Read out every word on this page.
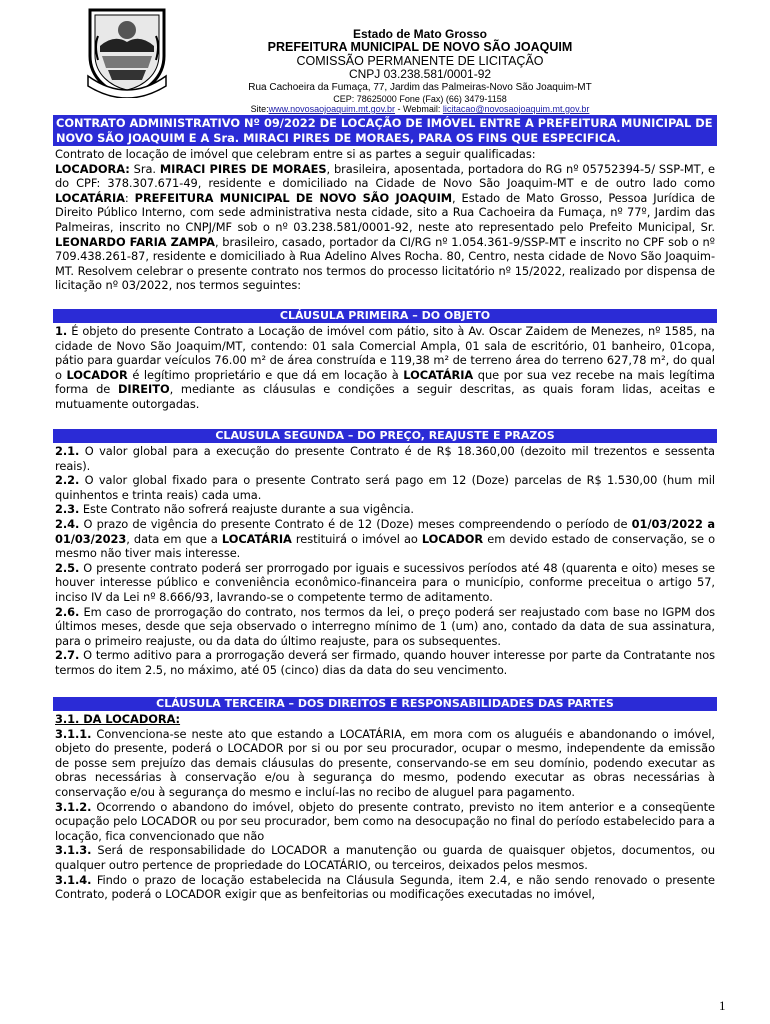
Estado de Mato Grosso
PREFEITURA MUNICIPAL DE NOVO SÃO JOAQUIM
COMISSÃO PERMANENTE DE LICITAÇÃO
CNPJ 03.238.581/0001-92
Rua Cachoeira da Fumaça, 77, Jardim das Palmeiras-Novo São Joaquim-MT
CEP: 78625000 Fone (Fax) (66) 3479-1158
Site:www.novosaojoaquim.mt.gov.br - Webmail: licitacao@novosaojoaquim.mt.gov.br
CONTRATO ADMINISTRATIVO Nº 09/2022 DE LOCAÇÃO DE IMÓVEL ENTRE A PREFEITURA MUNICIPAL DE NOVO SÃO JOAQUIM E A Sra. MIRACI PIRES DE MORAES, PARA OS FINS QUE ESPECIFICA.

Contrato de locação de imóvel que celebram entre si as partes a seguir qualificadas:

LOCADORA: Sra. MIRACI PIRES DE MORAES, brasileira, aposentada, portadora do RG nº 05752394-5/ SSP-MT, e do CPF: 378.307.671-49, residente e domiciliado na Cidade de Novo São Joaquim-MT e de outro lado como LOCATÁRIA: PREFEITURA MUNICIPAL DE NOVO SÃO JOAQUIM, Estado de Mato Grosso, Pessoa Jurídica de Direito Público Interno, com sede administrativa nesta cidade, sito a Rua Cachoeira da Fumaça, nº 77º, Jardim das Palmeiras, inscrito no CNPJ/MF sob o nº 03.238.581/0001-92, neste ato representado pelo Prefeito Municipal, Sr. LEONARDO FARIA ZAMPA, brasileiro, casado, portador da CI/RG nº 1.054.361-9/SSP-MT e inscrito no CPF sob o nº 709.438.261-87, residente e domiciliado à Rua Adelino Alves Rocha. 80, Centro, nesta cidade de Novo São Joaquim-MT. Resolvem celebrar o presente contrato nos termos do processo licitatório nº 15/2022, realizado por dispensa de licitação nº 03/2022, nos termos seguintes:

CLÁUSULA PRIMEIRA – DO OBJETO

1. É objeto do presente Contrato a Locação de imóvel com pátio, sito à Av. Oscar Zaidem de Menezes, nº 1585, na cidade de Novo São Joaquim/MT, contendo: 01 sala Comercial Ampla, 01 sala de escritório, 01 banheiro, 01copa, pátio para guardar veículos 76.00 m² de área construída e 119,38 m² de terreno área do terreno 627,78 m², do qual o LOCADOR é legítimo proprietário e que dá em locação à LOCATÁRIA que por sua vez recebe na mais legítima forma de DIREITO, mediante as cláusulas e condições a seguir descritas, as quais foram lidas, aceitas e mutuamente outorgadas.

CLAUSULA SEGUNDA – DO PREÇO, REAJUSTE E PRAZOS

2.1. O valor global para a execução do presente Contrato é de R$ 18.360,00 (dezoito mil trezentos e sessenta reais).

2.2. O valor global fixado para o presente Contrato será pago em 12 (Doze) parcelas de R$ 1.530,00 (hum mil quinhentos e trinta reais) cada uma.

2.3. Este Contrato não sofrerá reajuste durante a sua vigência.

2.4. O prazo de vigência do presente Contrato é de 12 (Doze) meses compreendendo o período de 01/03/2022 a 01/03/2023, data em que a LOCATÁRIA restituirá o imóvel ao LOCADOR em devido estado de conservação, se o mesmo não tiver mais interesse.

2.5. O presente contrato poderá ser prorrogado por iguais e sucessivos períodos até 48 (quarenta e oito) meses se houver interesse público e conveniência econômico-financeira para o município, conforme preceitua o artigo 57, inciso IV da Lei nº 8.666/93, lavrando-se o competente termo de aditamento.

2.6. Em caso de prorrogação do contrato, nos termos da lei, o preço poderá ser reajustado com base no IGPM dos últimos meses, desde que seja observado o interregno mínimo de 1 (um) ano, contado da data de sua assinatura, para o primeiro reajuste, ou da data do último reajuste, para os subsequentes.

2.7. O termo aditivo para a prorrogação deverá ser firmado, quando houver interesse por parte da Contratante nos termos do item 2.5, no máximo, até 05 (cinco) dias da data do seu vencimento.

CLÁUSULA TERCEIRA – DOS DIREITOS E RESPONSABILIDADES DAS PARTES

3.1. DA LOCADORA:

3.1.1. Convenciona-se neste ato que estando a LOCATÁRIA, em mora com os aluguéis e abandonando o imóvel, objeto do presente, poderá o LOCADOR por si ou por seu procurador, ocupar o mesmo, independente da emissão de posse sem prejuízo das demais cláusulas do presente, conservando-se em seu domínio, podendo executar as obras necessárias à conservação e/ou à segurança do mesmo, podendo executar as obras necessárias à conservação e/ou à segurança do mesmo e incluí-las no recibo de aluguel para pagamento.

3.1.2. Ocorrendo o abandono do imóvel, objeto do presente contrato, previsto no item anterior e a conseqüente ocupação pelo LOCADOR ou por seu procurador, bem como na desocupação no final do período estabelecido para a locação, fica convencionado que não

3.1.3. Será de responsabilidade do LOCADOR a manutenção ou guarda de quaisquer objetos, documentos, ou qualquer outro pertence de propriedade do LOCATÁRIO, ou terceiros, deixados pelos mesmos.

3.1.4. Findo o prazo de locação estabelecida na Cláusula Segunda, item 2.4, e não sendo renovado o presente Contrato, poderá o LOCADOR exigir que as benfeitorias ou modificações executadas no imóvel,

1
